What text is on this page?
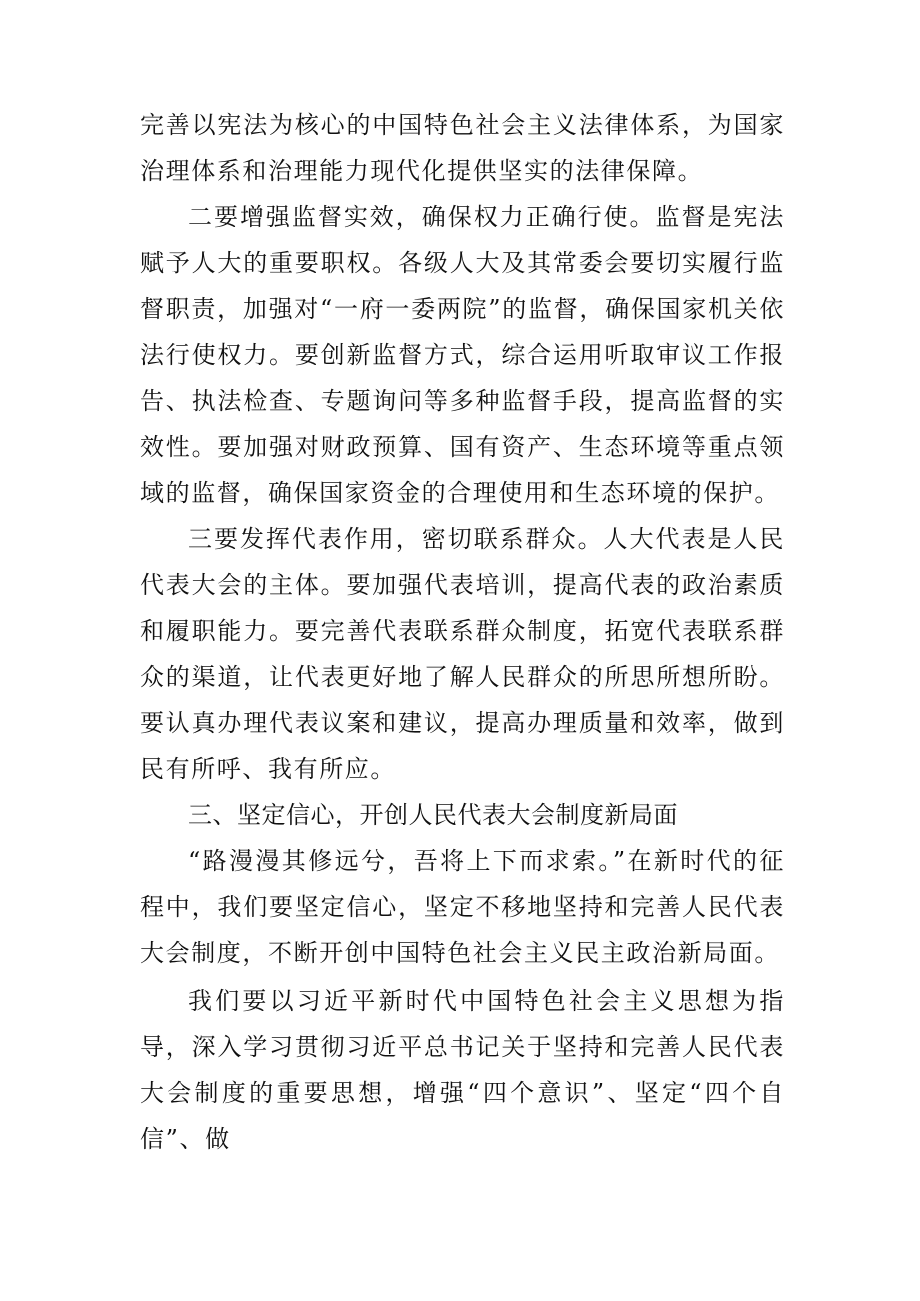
完善以宪法为核心的中国特色社会主义法律体系，为国家治理体系和治理能力现代化提供坚实的法律保障。

二要增强监督实效，确保权力正确行使。监督是宪法赋予人大的重要职权。各级人大及其常委会要切实履行监督职责，加强对“一府一委两院”的监督，确保国家机关依法行使权力。要创新监督方式，综合运用听取审议工作报告、执法检查、专题询问等多种监督手段，提高监督的实效性。要加强对财政预算、国有资产、生态环境等重点领域的监督，确保国家资金的合理使用和生态环境的保护。

三要发挥代表作用，密切联系群众。人大代表是人民代表大会的主体。要加强代表培训，提高代表的政治素质和履职能力。要完善代表联系群众制度，拓宽代表联系群众的渠道，让代表更好地了解人民群众的所思所想所盼。要认真办理代表议案和建议，提高办理质量和效率，做到民有所呼、我有所应。

三、坚定信心，开创人民代表大会制度新局面

“路漫漫其修远兮，吾将上下而求索。”在新时代的征程中，我们要坚定信心，坚定不移地坚持和完善人民代表大会制度，不断开创中国特色社会主义民主政治新局面。

我们要以习近平新时代中国特色社会主义思想为指导，深入学习贯彻习近平总书记关于坚持和完善人民代表大会制度的重要思想，增强“四个意识”、坚定“四个自信”、做
